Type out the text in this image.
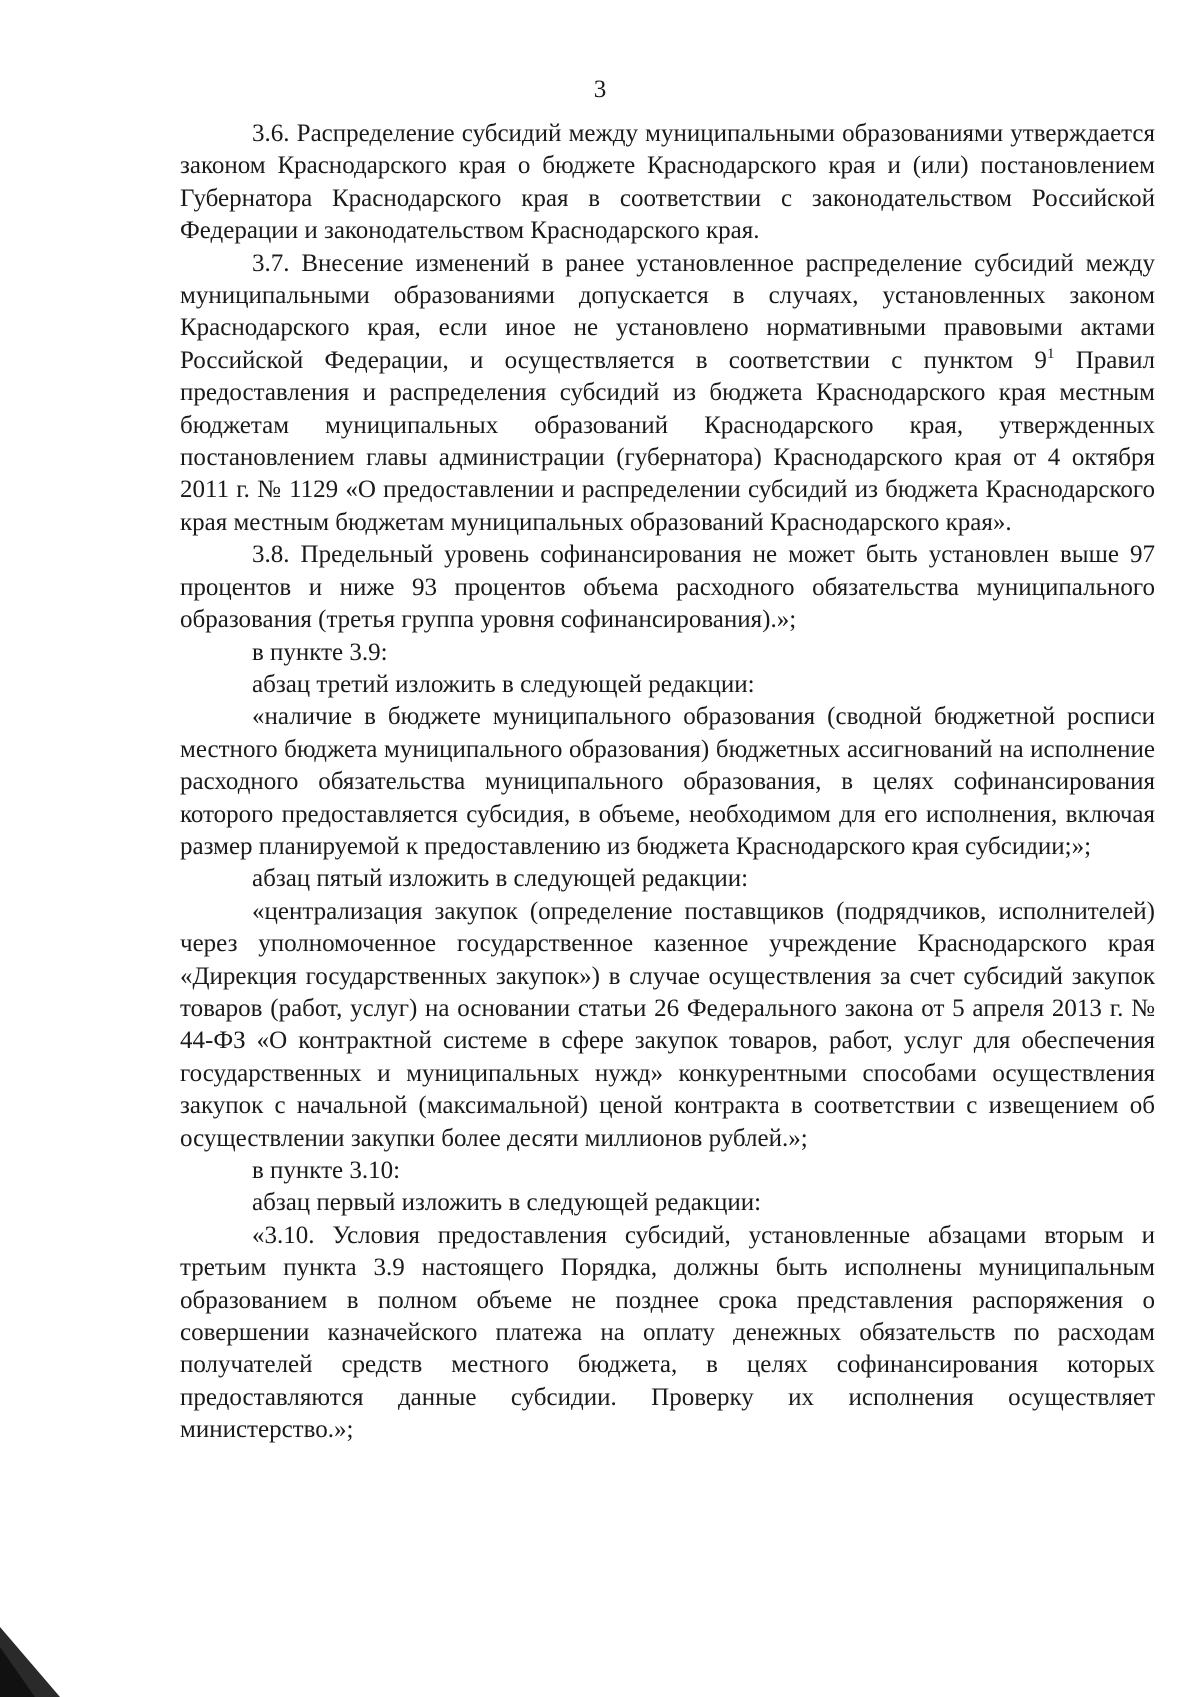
3

3.6. Распределение субсидий между муниципальными образованиями утверждается законом Краснодарского края о бюджете Краснодарского края и (или) постановлением Губернатора Краснодарского края в соответствии с законодательством Российской Федерации и законодательством Краснодарского края.

3.7. Внесение изменений в ранее установленное распределение субсидий между муниципальными образованиями допускается в случаях, установленных законом Краснодарского края, если иное не установлено нормативными правовыми актами Российской Федерации, и осуществляется в соответствии с пунктом $9^1$ Правил предоставления и распределения субсидий из бюджета Краснодарского края местным бюджетам муниципальных образований Краснодарского края, утвержденных постановлением главы администрации (губернатора) Краснодарского края от 4 октября 2011 г. № 1129 «О предоставлении и распределении субсидий из бюджета Краснодарского края местным бюджетам муниципальных образований Краснодарского края».

3.8. Предельный уровень софинансирования не может быть установлен выше 97 процентов и ниже 93 процентов объема расходного обязательства муниципального образования (третья группа уровня софинансирования).»;

в пункте 3.9:

абзац третий изложить в следующей редакции:

«наличие в бюджете муниципального образования (сводной бюджетной росписи местного бюджета муниципального образования) бюджетных ассигнований на исполнение расходного обязательства муниципального образования, в целях софинансирования которого предоставляется субсидия, в объеме, необходимом для его исполнения, включая размер планируемой к предоставлению из бюджета Краснодарского края субсидии;»;

абзац пятый изложить в следующей редакции:

«централизация закупок (определение поставщиков (подрядчиков, исполнителей) через уполномоченное государственное казенное учреждение Краснодарского края «Дирекция государственных закупок») в случае осуществления за счет субсидий закупок товаров (работ, услуг) на основании статьи 26 Федерального закона от 5 апреля 2013 г. № 44-ФЗ «О контрактной системе в сфере закупок товаров, работ, услуг для обеспечения государственных и муниципальных нужд» конкурентными способами осуществления закупок с начальной (максимальной) ценой контракта в соответствии с извещением об осуществлении закупки более десяти миллионов рублей.»;

в пункте 3.10:

абзац первый изложить в следующей редакции:

«3.10. Условия предоставления субсидий, установленные абзацами вторым и третьим пункта 3.9 настоящего Порядка, должны быть исполнены муниципальным образованием в полном объеме не позднее срока представления распоряжения о совершении казначейского платежа на оплату денежных обязательств по расходам получателей средств местного бюджета, в целях софинансирования которых предоставляются данные субсидии. Проверку их исполнения осуществляет министерство.»;
